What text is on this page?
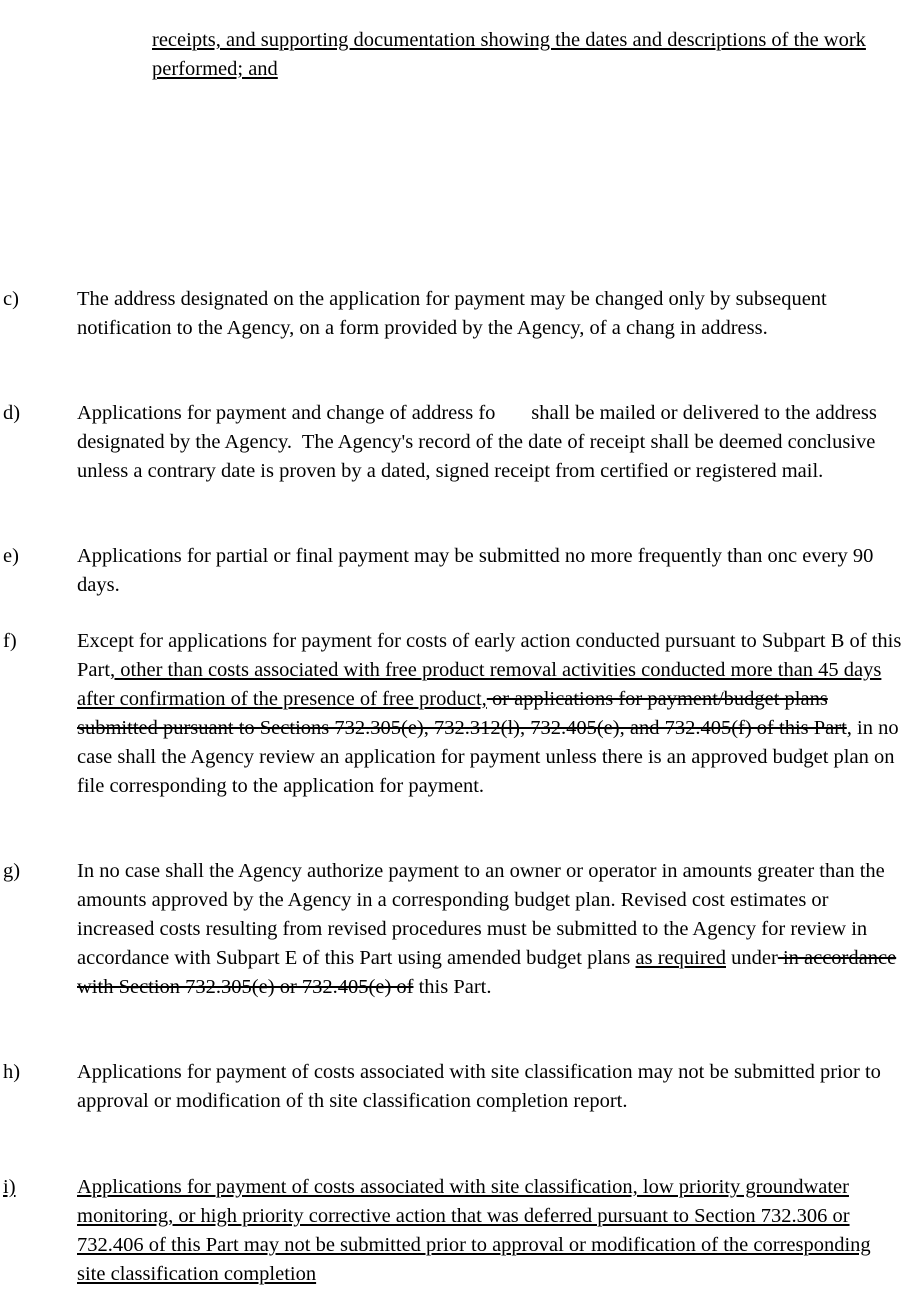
receipts, and supporting documentation showing the dates and descriptions of the work performed; and
c)	The address designated on the application for payment may be changed only by subsequent notification to the Agency, on a form provided by the Agency, of a chang in address.
d)	Applications for payment and change of address fo       shall be mailed or delivered to the address designated by the Agency.  The Agency's record of the date of receipt shall be deemed conclusive unless a contrary date is proven by a dated, signed receipt from certified or registered mail.
e)	Applications for partial or final payment may be submitted no more frequently than onc every 90 days.
f)	Except for applications for payment for costs of early action conducted pursuant to Subpart B of this Part, other than costs associated with free product removal activities conducted more than 45 days after confirmation of the presence of free product, or applications for payment/budget plans submitted pursuant to Sections 732.305(e), 732.312(l), 732.405(e), and 732.405(f) of this Part, in no case shall the Agency review an application for payment unless there is an approved budget plan on file corresponding to the application for payment.
g)	In no case shall the Agency authorize payment to an owner or operator in amounts greater than the amounts approved by the Agency in a corresponding budget plan. Revised cost estimates or increased costs resulting from revised procedures must be submitted to the Agency for review in accordance with Subpart E of this Part using amended budget plans as required under in accordance with Section 732.305(e) or 732.405(e) of this Part.
h)	Applications for payment of costs associated with site classification may not be submitted prior to approval or modification of th site classification completion report.
i)	Applications for payment of costs associated with site classification, low priority groundwater monitoring, or high priority corrective action that was deferred pursuant to Section 732.306 or 732.406 of this Part may not be submitted prior to approval or modification of the corresponding site classification completion
